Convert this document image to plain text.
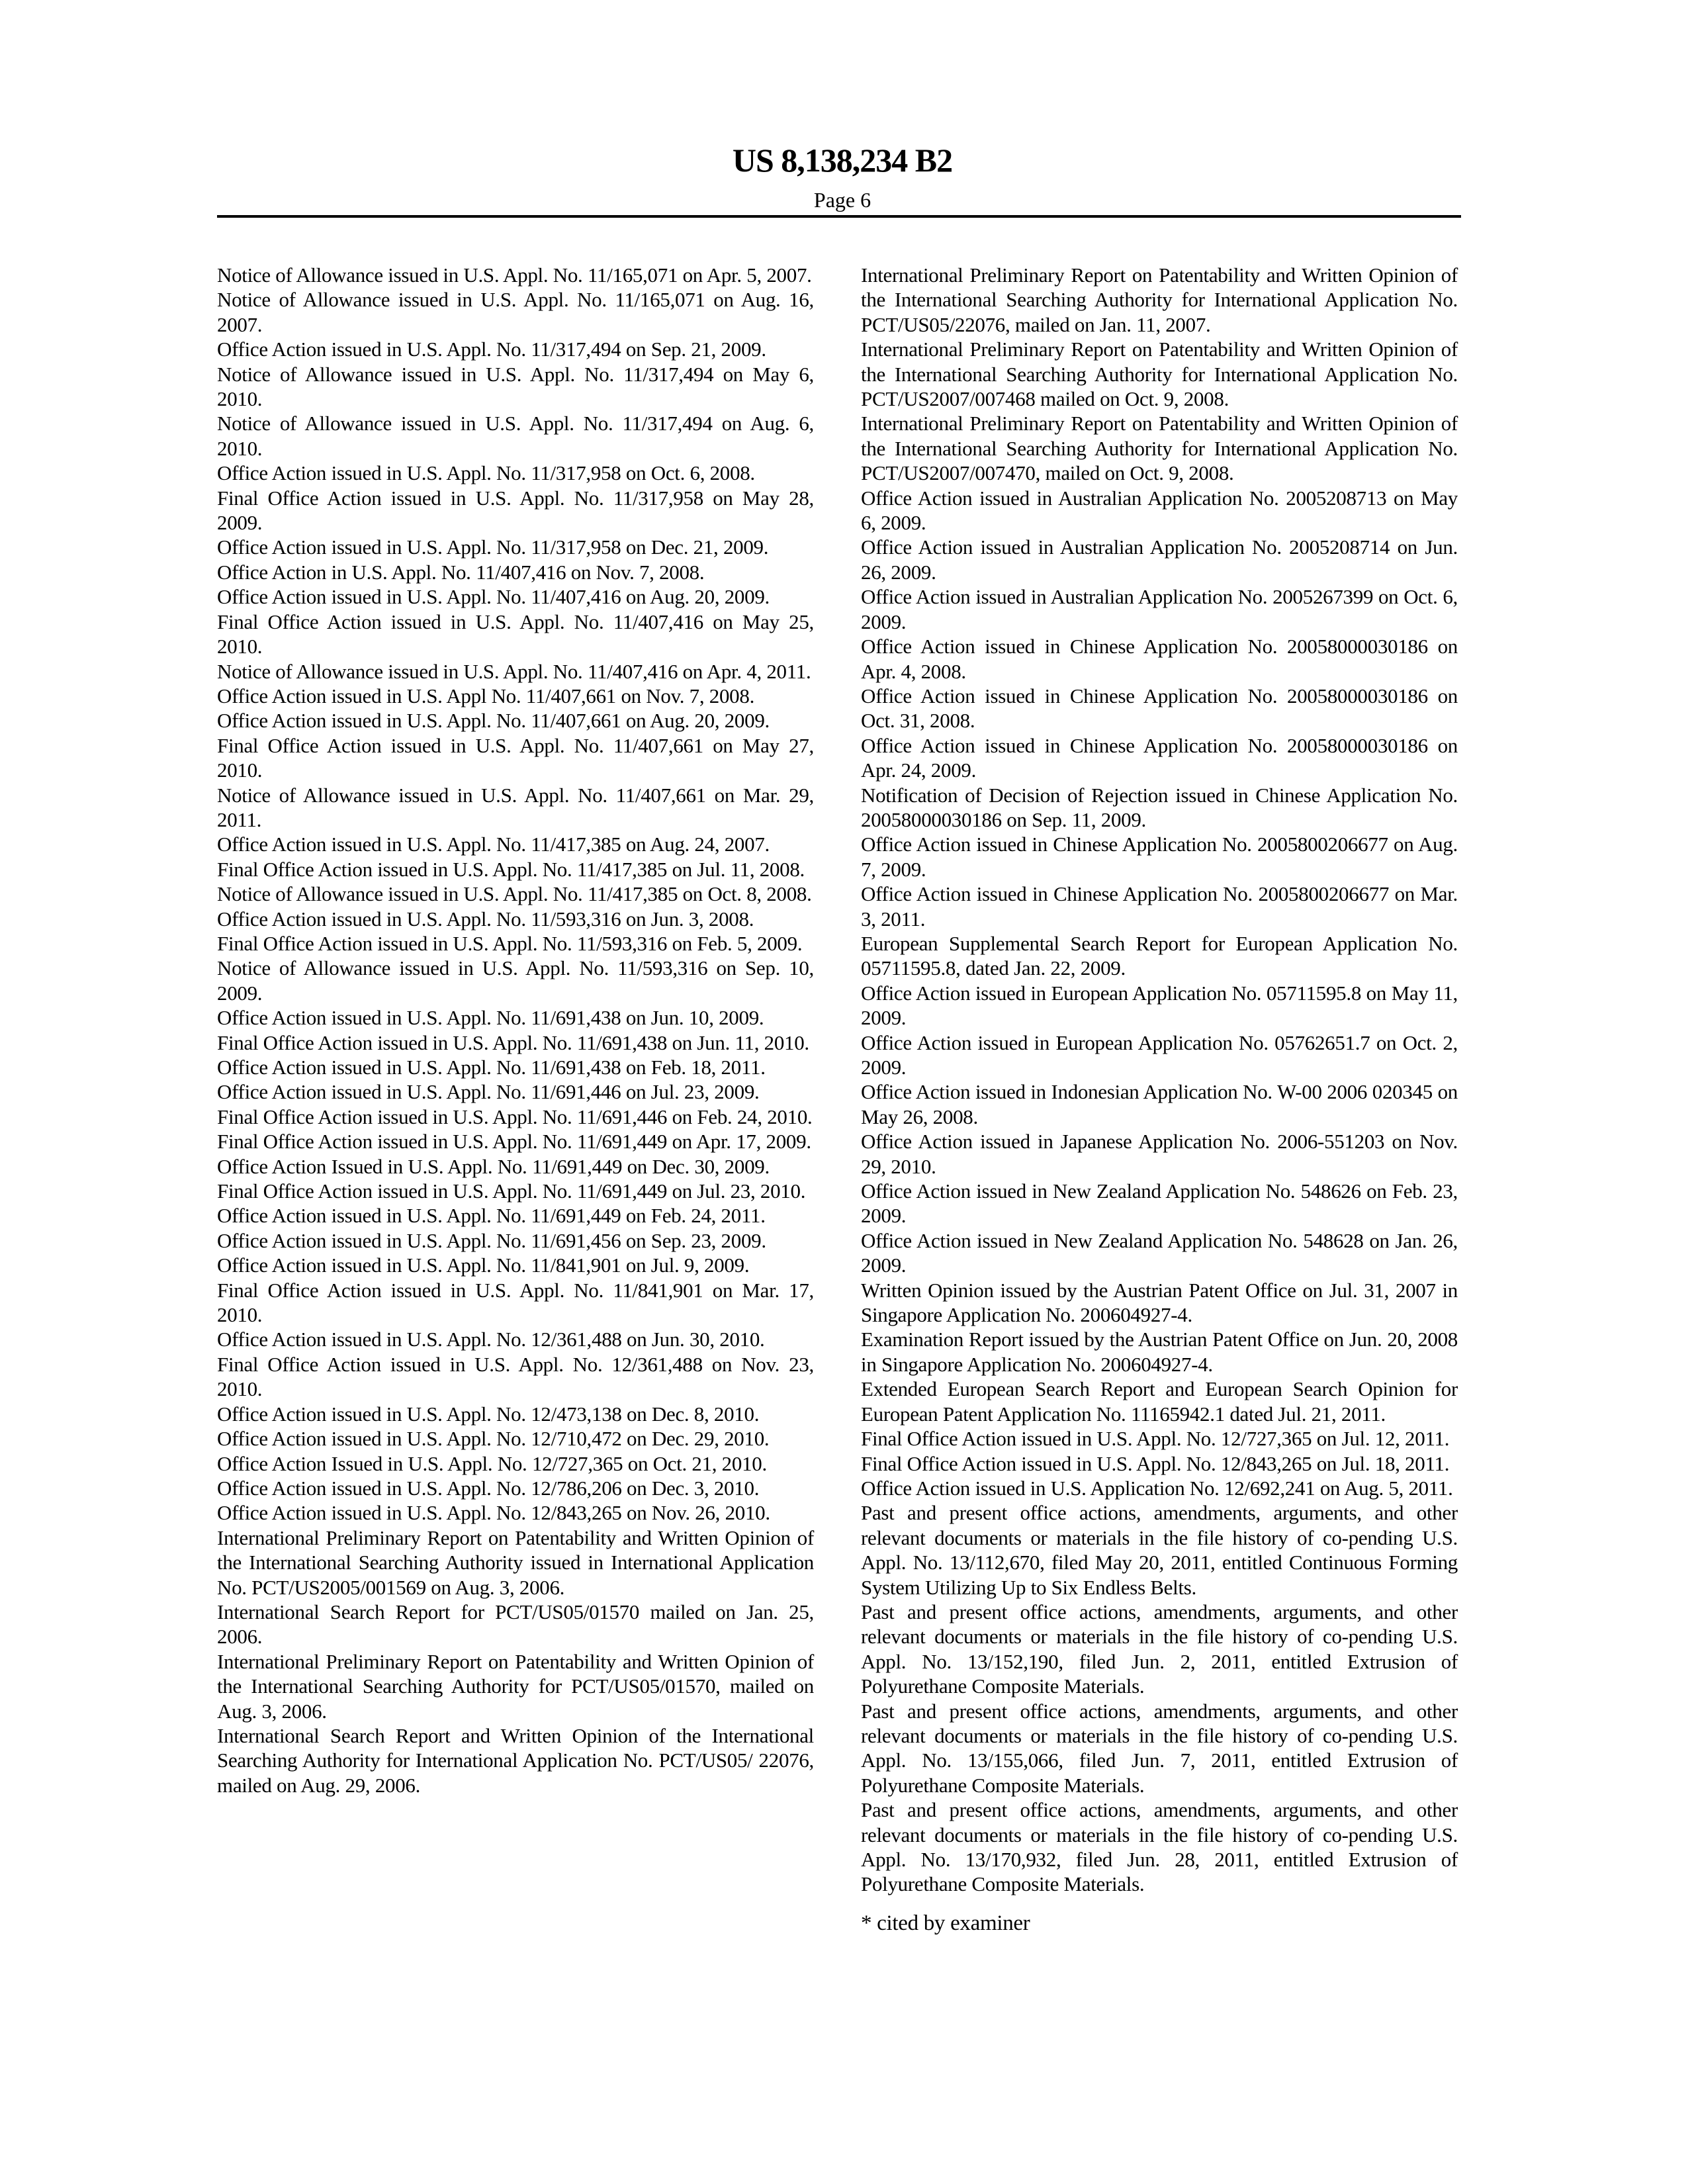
US 8,138,234 B2
Page 6

Notice of Allowance issued in U.S. Appl. No. 11/165,071 on Apr. 5, 2007.

Notice of Allowance issued in U.S. Appl. No. 11/165,071 on Aug. 16, 2007.

Office Action issued in U.S. Appl. No. 11/317,494 on Sep. 21, 2009.

Notice of Allowance issued in U.S. Appl. No. 11/317,494 on May 6, 2010.

Notice of Allowance issued in U.S. Appl. No. 11/317,494 on Aug. 6, 2010.

Office Action issued in U.S. Appl. No. 11/317,958 on Oct. 6, 2008.

Final Office Action issued in U.S. Appl. No. 11/317,958 on May 28, 2009.

Office Action issued in U.S. Appl. No. 11/317,958 on Dec. 21, 2009.

Office Action in U.S. Appl. No. 11/407,416 on Nov. 7, 2008.

Office Action issued in U.S. Appl. No. 11/407,416 on Aug. 20, 2009.

Final Office Action issued in U.S. Appl. No. 11/407,416 on May 25, 2010.

Notice of Allowance issued in U.S. Appl. No. 11/407,416 on Apr. 4, 2011.

Office Action issued in U.S. Appl No. 11/407,661 on Nov. 7, 2008.

Office Action issued in U.S. Appl. No. 11/407,661 on Aug. 20, 2009.

Final Office Action issued in U.S. Appl. No. 11/407,661 on May 27, 2010.

Notice of Allowance issued in U.S. Appl. No. 11/407,661 on Mar. 29, 2011.

Office Action issued in U.S. Appl. No. 11/417,385 on Aug. 24, 2007.

Final Office Action issued in U.S. Appl. No. 11/417,385 on Jul. 11, 2008.

Notice of Allowance issued in U.S. Appl. No. 11/417,385 on Oct. 8, 2008.

Office Action issued in U.S. Appl. No. 11/593,316 on Jun. 3, 2008.

Final Office Action issued in U.S. Appl. No. 11/593,316 on Feb. 5, 2009.

Notice of Allowance issued in U.S. Appl. No. 11/593,316 on Sep. 10, 2009.

Office Action issued in U.S. Appl. No. 11/691,438 on Jun. 10, 2009.

Final Office Action issued in U.S. Appl. No. 11/691,438 on Jun. 11, 2010.

Office Action issued in U.S. Appl. No. 11/691,438 on Feb. 18, 2011.

Office Action issued in U.S. Appl. No. 11/691,446 on Jul. 23, 2009.

Final Office Action issued in U.S. Appl. No. 11/691,446 on Feb. 24, 2010.

Final Office Action issued in U.S. Appl. No. 11/691,449 on Apr. 17, 2009.

Office Action Issued in U.S. Appl. No. 11/691,449 on Dec. 30, 2009.

Final Office Action issued in U.S. Appl. No. 11/691,449 on Jul. 23, 2010.

Office Action issued in U.S. Appl. No. 11/691,449 on Feb. 24, 2011.

Office Action issued in U.S. Appl. No. 11/691,456 on Sep. 23, 2009.

Office Action issued in U.S. Appl. No. 11/841,901 on Jul. 9, 2009.

Final Office Action issued in U.S. Appl. No. 11/841,901 on Mar. 17, 2010.

Office Action issued in U.S. Appl. No. 12/361,488 on Jun. 30, 2010.

Final Office Action issued in U.S. Appl. No. 12/361,488 on Nov. 23, 2010.

Office Action issued in U.S. Appl. No. 12/473,138 on Dec. 8, 2010.

Office Action issued in U.S. Appl. No. 12/710,472 on Dec. 29, 2010.

Office Action Issued in U.S. Appl. No. 12/727,365 on Oct. 21, 2010.

Office Action issued in U.S. Appl. No. 12/786,206 on Dec. 3, 2010.

Office Action issued in U.S. Appl. No. 12/843,265 on Nov. 26, 2010.

International Preliminary Report on Patentability and Written Opinion of the International Searching Authority issued in International Application No. PCT/US2005/001569 on Aug. 3, 2006.

International Search Report for PCT/US05/01570 mailed on Jan. 25, 2006.

International Preliminary Report on Patentability and Written Opinion of the International Searching Authority for PCT/US05/01570, mailed on Aug. 3, 2006.

International Search Report and Written Opinion of the International Searching Authority for International Application No. PCT/US05/ 22076, mailed on Aug. 29, 2006.

International Preliminary Report on Patentability and Written Opinion of the International Searching Authority for International Application No. PCT/US05/22076, mailed on Jan. 11, 2007.

International Preliminary Report on Patentability and Written Opinion of the International Searching Authority for International Application No. PCT/US2007/007468 mailed on Oct. 9, 2008.

International Preliminary Report on Patentability and Written Opinion of the International Searching Authority for International Application No. PCT/US2007/007470, mailed on Oct. 9, 2008.

Office Action issued in Australian Application No. 2005208713 on May 6, 2009.

Office Action issued in Australian Application No. 2005208714 on Jun. 26, 2009.

Office Action issued in Australian Application No. 2005267399 on Oct. 6, 2009.

Office Action issued in Chinese Application No. 20058000030186 on Apr. 4, 2008.

Office Action issued in Chinese Application No. 20058000030186 on Oct. 31, 2008.

Office Action issued in Chinese Application No. 20058000030186 on Apr. 24, 2009.

Notification of Decision of Rejection issued in Chinese Application No. 20058000030186 on Sep. 11, 2009.

Office Action issued in Chinese Application No. 2005800206677 on Aug. 7, 2009.

Office Action issued in Chinese Application No. 2005800206677 on Mar. 3, 2011.

European Supplemental Search Report for European Application No. 05711595.8, dated Jan. 22, 2009.

Office Action issued in European Application No. 05711595.8 on May 11, 2009.

Office Action issued in European Application No. 05762651.7 on Oct. 2, 2009.

Office Action issued in Indonesian Application No. W-00 2006 020345 on May 26, 2008.

Office Action issued in Japanese Application No. 2006-551203 on Nov. 29, 2010.

Office Action issued in New Zealand Application No. 548626 on Feb. 23, 2009.

Office Action issued in New Zealand Application No. 548628 on Jan. 26, 2009.

Written Opinion issued by the Austrian Patent Office on Jul. 31, 2007 in Singapore Application No. 200604927-4.

Examination Report issued by the Austrian Patent Office on Jun. 20, 2008 in Singapore Application No. 200604927-4.

Extended European Search Report and European Search Opinion for European Patent Application No. 11165942.1 dated Jul. 21, 2011.

Final Office Action issued in U.S. Appl. No. 12/727,365 on Jul. 12, 2011.

Final Office Action issued in U.S. Appl. No. 12/843,265 on Jul. 18, 2011.

Office Action issued in U.S. Application No. 12/692,241 on Aug. 5, 2011.

Past and present office actions, amendments, arguments, and other relevant documents or materials in the file history of co-pending U.S. Appl. No. 13/112,670, filed May 20, 2011, entitled Continuous Forming System Utilizing Up to Six Endless Belts.

Past and present office actions, amendments, arguments, and other relevant documents or materials in the file history of co-pending U.S. Appl. No. 13/152,190, filed Jun. 2, 2011, entitled Extrusion of Polyurethane Composite Materials.

Past and present office actions, amendments, arguments, and other relevant documents or materials in the file history of co-pending U.S. Appl. No. 13/155,066, filed Jun. 7, 2011, entitled Extrusion of Polyurethane Composite Materials.

Past and present office actions, amendments, arguments, and other relevant documents or materials in the file history of co-pending U.S. Appl. No. 13/170,932, filed Jun. 28, 2011, entitled Extrusion of Polyurethane Composite Materials.

* cited by examiner
